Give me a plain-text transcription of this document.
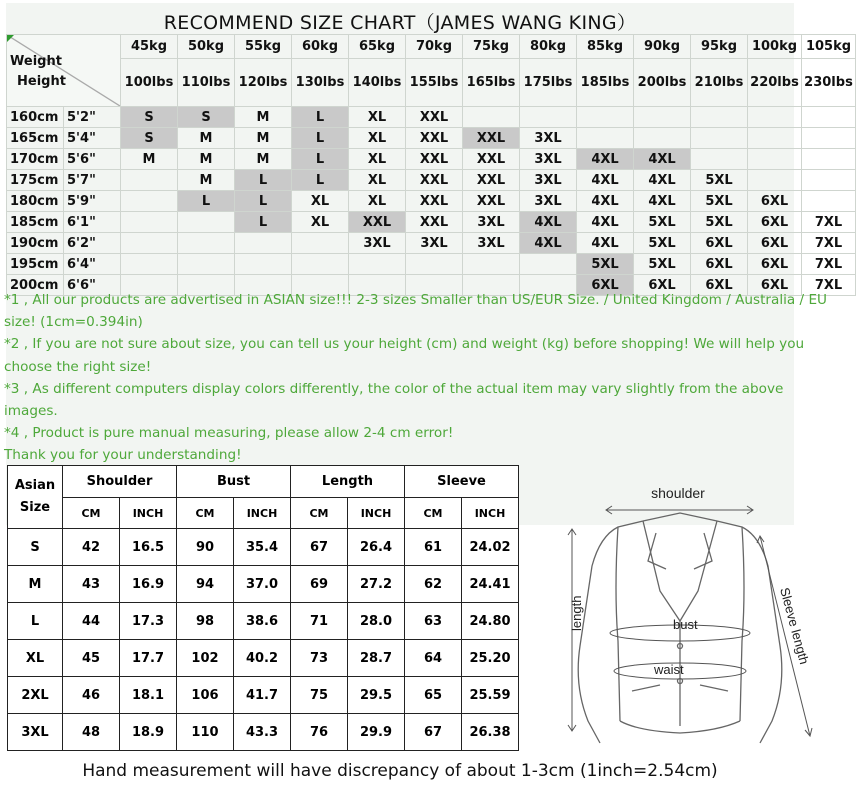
RECOMMEND SIZE CHART（JAMES WANG KING）
Weight
Height		45kg	50kg	55kg	60kg	65kg	70kg	75kg	80kg	85kg	90kg	95kg	100kg	105kg
		100lbs	110lbs	120lbs	130lbs	140lbs	155lbs	165lbs	175lbs	185lbs	200lbs	210lbs	220lbs	230lbs
160cm	5'2"	S	S	M	L	XL	XXL							
165cm	5'4"	S	M	M	L	XL	XXL	XXL	3XL					
170cm	5'6"	M	M	M	L	XL	XXL	XXL	3XL	4XL	4XL			
175cm	5'7"		M	L	L	XL	XXL	XXL	3XL	4XL	4XL	5XL		
180cm	5'9"		L	L	XL	XL	XXL	XXL	3XL	4XL	4XL	5XL	6XL	
185cm	6'1"			L	XL	XXL	XXL	3XL	4XL	4XL	5XL	5XL	6XL	7XL
190cm	6'2"					3XL	3XL	3XL	4XL	4XL	5XL	6XL	6XL	7XL
195cm	6'4"									5XL	5XL	6XL	6XL	7XL
200cm	6'6"									6XL	6XL	6XL	6XL	7XL
*1 , All our products are advertised in ASIAN size!!! 2-3 sizes Smaller than US/EUR Size. / United Kingdom / Australia / EU size! (1cm=0.394in)
*2 , If you are not sure about size, you can tell us your height (cm) and weight (kg) before shopping! We will help you choose the right size!
*3 , As different computers display colors differently, the color of the actual item may vary slightly from the above images.
*4 , Product is pure manual measuring, please allow 2-4 cm error!
Thank you for your understanding!
Asian Size	Shoulder		Bust		Length		Sleeve	
	CM	INCH	CM	INCH	CM	INCH	CM	INCH
S	42	16.5	90	35.4	67	26.4	61	24.02
M	43	16.9	94	37.0	69	27.2	62	24.41
L	44	17.3	98	38.6	71	28.0	63	24.80
XL	45	17.7	102	40.2	73	28.7	64	25.20
2XL	46	18.1	106	41.7	75	29.5	65	25.59
3XL	48	18.9	110	43.3	76	29.9	67	26.38
shoulder
length	Sleeve length
bust
waist
Hand measurement will have discrepancy of about 1-3cm (1inch=2.54cm)
